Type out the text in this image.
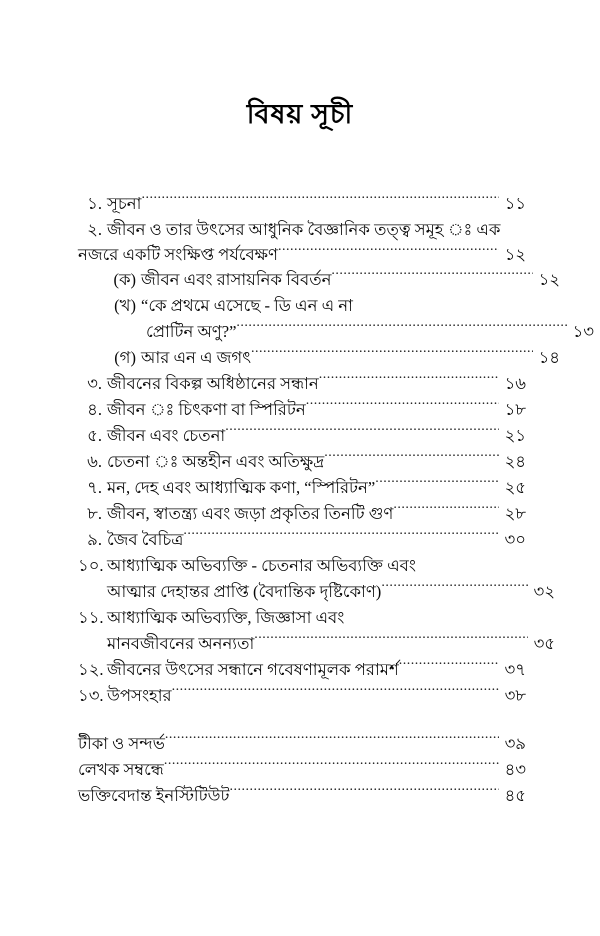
বিষয় সূচী
১. সূচনা .....	১১
২. জীবন ও তার উৎসের আধুনিক বৈজ্ঞানিক তত্ত্ব সমূহ ঃ এক
নজরে একটি সংক্ষিপ্ত পর্যবেক্ষণ .....	১২
(ক) জীবন এবং রাসায়নিক বিবর্তন .....	১২
(খ) “কে প্রথমে এসেছে - ডি এন এ না
প্রোটিন অণু?” .....	১৩
(গ) আর এন এ জগৎ .....	১৪
৩. জীবনের বিকল্প অধিষ্ঠানের সন্ধান .....	১৬
৪. জীবন ঃ চিৎকণা বা স্পিরিটন .....	১৮
৫. জীবন এবং চেতনা .....	২১
৬. চেতনা ঃ অন্তহীন এবং অতিক্ষুদ্র .....	২৪
৭. মন, দেহ এবং আধ্যাত্মিক কণা, “স্পিরিটন” .....	২৫
৮. জীবন, স্বাতন্ত্র্য এবং জড়া প্রকৃতির তিনটি গুণ .....	২৮
৯. জৈব বৈচিত্র .....	৩০
১০. আধ্যাত্মিক অভিব্যক্তি - চেতনার অভিব্যক্তি এবং
আত্মার দেহান্তর প্রাপ্তি (বৈদান্তিক দৃষ্টিকোণ) .....	৩২
১১. আধ্যাত্মিক অভিব্যক্তি, জিজ্ঞাসা এবং
মানবজীবনের অনন্যতা .....	৩৫
১২. জীবনের উৎসের সন্ধানে গবেষণামূলক পরামর্শ .....	৩৭
১৩. উপসংহার .....	৩৮
টীকা ও সন্দর্ভ .....	৩৯
লেখক সম্বন্ধে .....	৪৩
ভক্তিবেদান্ত ইনস্টিটিউট .....	৪৫
